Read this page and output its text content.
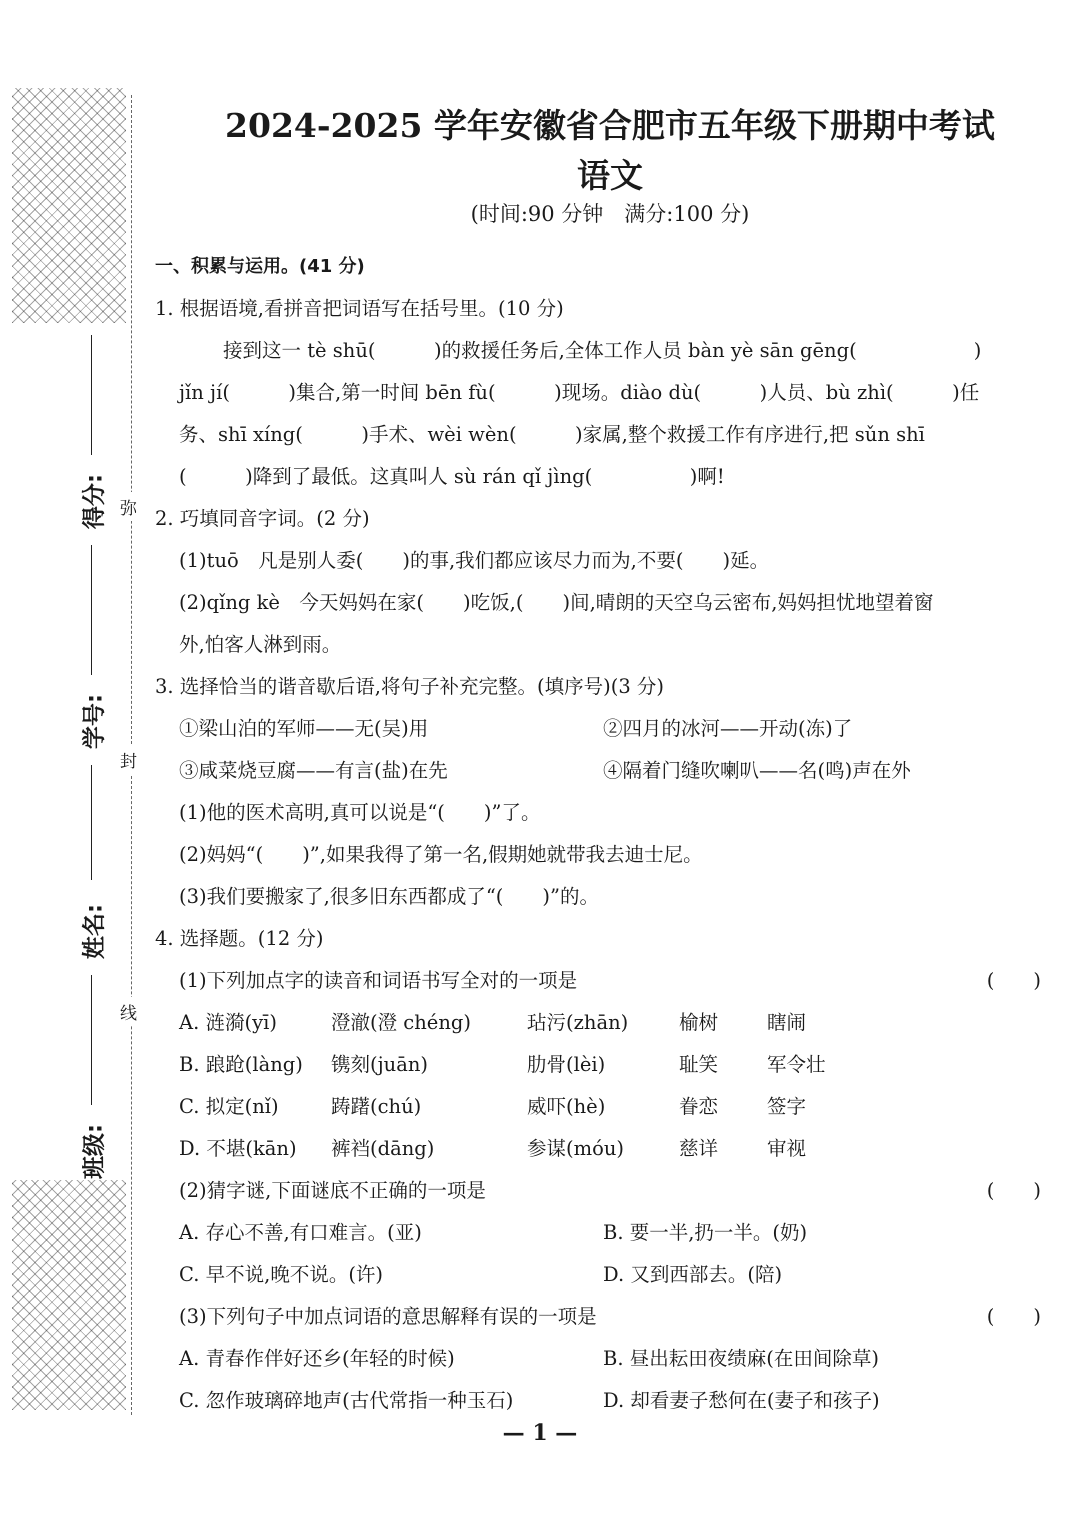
得分:
学号:
姓名:
班级:
弥
封
线
2024-2025 学年安徽省合肥市五年级下册期中考试
语文
(时间:90 分钟　满分:100 分)
一、积累与运用。(41 分)
1. 根据语境,看拼音把词语写在括号里。(10 分)
接到这一 tè shū(　　　)的救援任务后,全体工作人员 bàn yè sān gēng(　　　　　　)
jǐn jí(　　　)集合,第一时间 bēn fù(　　　)现场。diào dù(　　　)人员、bù zhì(　　　)任
务、shī xíng(　　　)手术、wèi wèn(　　　)家属,整个救援工作有序进行,把 sǔn shī
(　　　)降到了最低。这真叫人 sù rán qǐ jìng(　　　　　)啊!
2. 巧填同音字词。(2 分)
(1)tuō　凡是别人委(　　)的事,我们都应该尽力而为,不要(　　)延。
(2)qǐng kè　今天妈妈在家(　　)吃饭,(　　)间,晴朗的天空乌云密布,妈妈担忧地望着窗
外,怕客人淋到雨。
3. 选择恰当的谐音歇后语,将句子补充完整。(填序号)(3 分)
①梁山泊的军师——无(吴)用	②四月的冰河——开动(冻)了
③咸菜烧豆腐——有言(盐)在先	④隔着门缝吹喇叭——名(鸣)声在外
(1)他的医术高明,真可以说是“(　　)”了。
(2)妈妈“(　　)”,如果我得了第一名,假期她就带我去迪士尼。
(3)我们要搬家了,很多旧东西都成了“(　　)”的。
4. 选择题。(12 分)
(1)下列加点字的读音和词语书写全对的一项是	(　　)
A. 涟漪(yī)	澄澈(澄 chéng)	玷污(zhān)	榆树	瞎闹
B. 踉跄(làng)	镌刻(juān)	肋骨(lèi)	耻笑	军令壮
C. 拟定(nǐ)	踌躇(chú)	威吓(hè)	眷恋	签字
D. 不堪(kān)	裤裆(dāng)	参谋(móu)	慈详	审视
(2)猜字谜,下面谜底不正确的一项是	(　　)
A. 存心不善,有口难言。(亚)	B. 要一半,扔一半。(奶)
C. 早不说,晚不说。(许)	D. 又到西部去。(陪)
(3)下列句子中加点词语的意思解释有误的一项是	(　　)
A. 青春作伴好还乡(年轻的时候)	B. 昼出耘田夜绩麻(在田间除草)
C. 忽作玻璃碎地声(古代常指一种玉石)	D. 却看妻子愁何在(妻子和孩子)
— 1 —
